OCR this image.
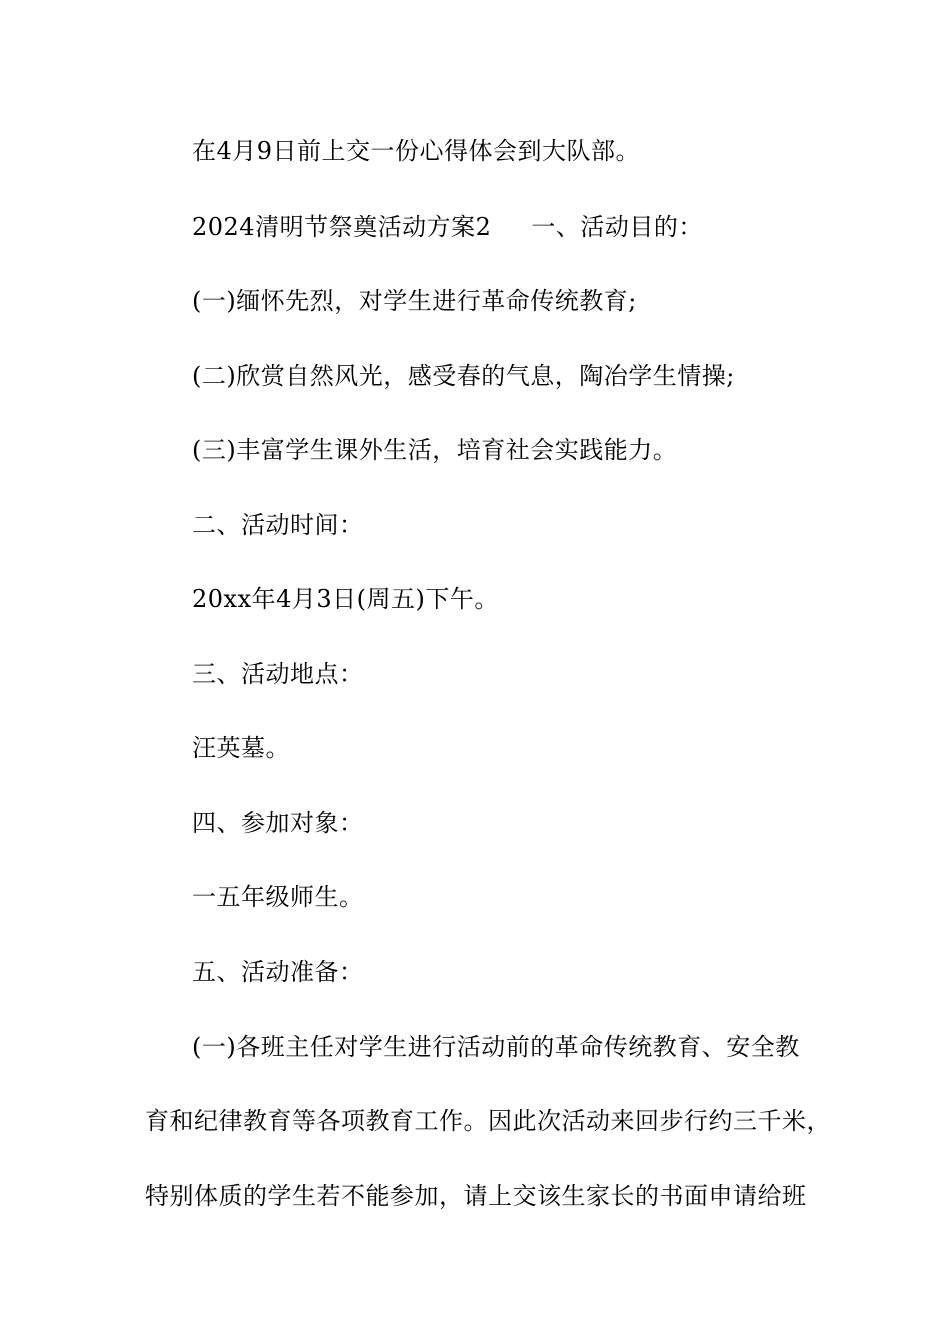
在4月9日前上交一份心得体会到大队部。
2024清明节祭奠活动方案2 一、活动目的：
(一)缅怀先烈，对学生进行革命传统教育;
(二)欣赏自然风光，感受春的气息，陶冶学生情操;
(三)丰富学生课外生活，培育社会实践能力。
二、活动时间：
20xx年4月3日(周五)下午。
三、活动地点：
汪英墓。
四、参加对象：
一五年级师生。
五、活动准备：
(一)各班主任对学生进行活动前的革命传统教育、安全教
育和纪律教育等各项教育工作。因此次活动来回步行约三千米，
特别体质的学生若不能参加，请上交该生家长的书面申请给班
